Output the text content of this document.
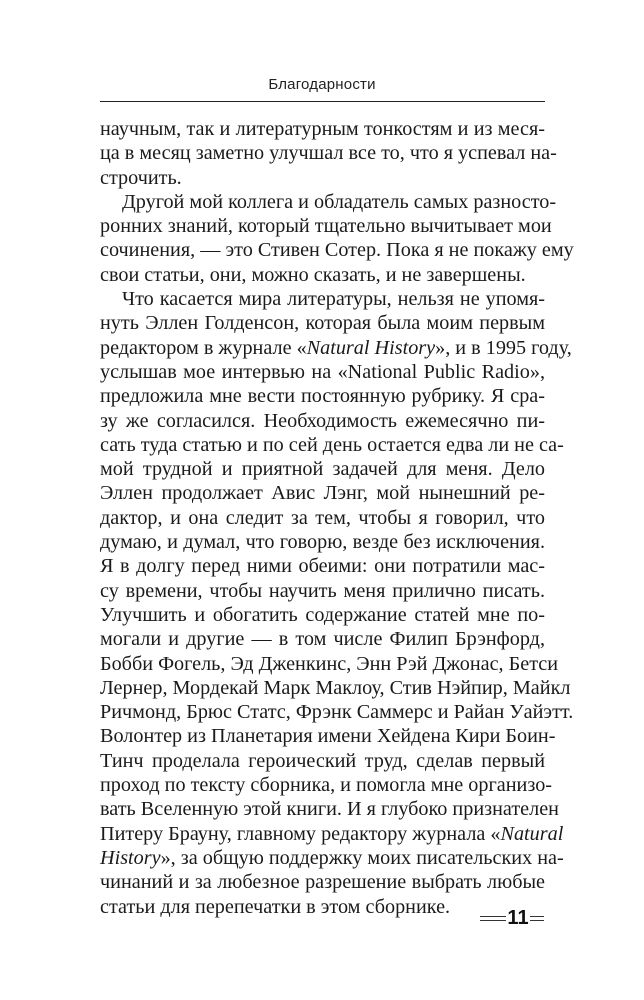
Благодарности
научным, так и литературным тонкостям и из меся-
ца в месяц заметно улучшал все то, что я успевал на-
строчить.
Другой мой коллега и обладатель самых разносто-
ронних знаний, который тщательно вычитывает мои
сочинения, — это Стивен Сотер. Пока я не покажу ему
свои статьи, они, можно сказать, и не завершены.
Что касается мира литературы, нельзя не упомя-
нуть Эллен Голденсон, которая была моим первым
редактором в журнале «Natural History», и в 1995 году,
услышав мое интервью на «National Public Radio»,
предложила мне вести постоянную рубрику. Я сра-
зу же согласился. Необходимость ежемесячно пи-
сать туда статью и по сей день остается едва ли не са-
мой трудной и приятной задачей для меня. Дело
Эллен продолжает Авис Лэнг, мой нынешний ре-
дактор, и она следит за тем, чтобы я говорил, что
думаю, и думал, что говорю, везде без исключения.
Я в долгу перед ними обеими: они потратили мас-
су времени, чтобы научить меня прилично писать.
Улучшить и обогатить содержание статей мне по-
могали и другие — в том числе Филип Брэнфорд,
Бобби Фогель, Эд Дженкинс, Энн Рэй Джонас, Бетси
Лернер, Мордекай Марк Маклоу, Стив Нэйпир, Майкл
Ричмонд, Брюс Статс, Фрэнк Саммерс и Райан Уайэтт.
Волонтер из Планетария имени Хейдена Кири Боин-
Тинч проделала героический труд, сделав первый
проход по тексту сборника, и помогла мне организо-
вать Вселенную этой книги. И я глубоко признателен
Питеру Брауну, главному редактору журнала «Natural
History», за общую поддержку моих писательских на-
чинаний и за любезное разрешение выбрать любые
статьи для перепечатки в этом сборнике.
11
